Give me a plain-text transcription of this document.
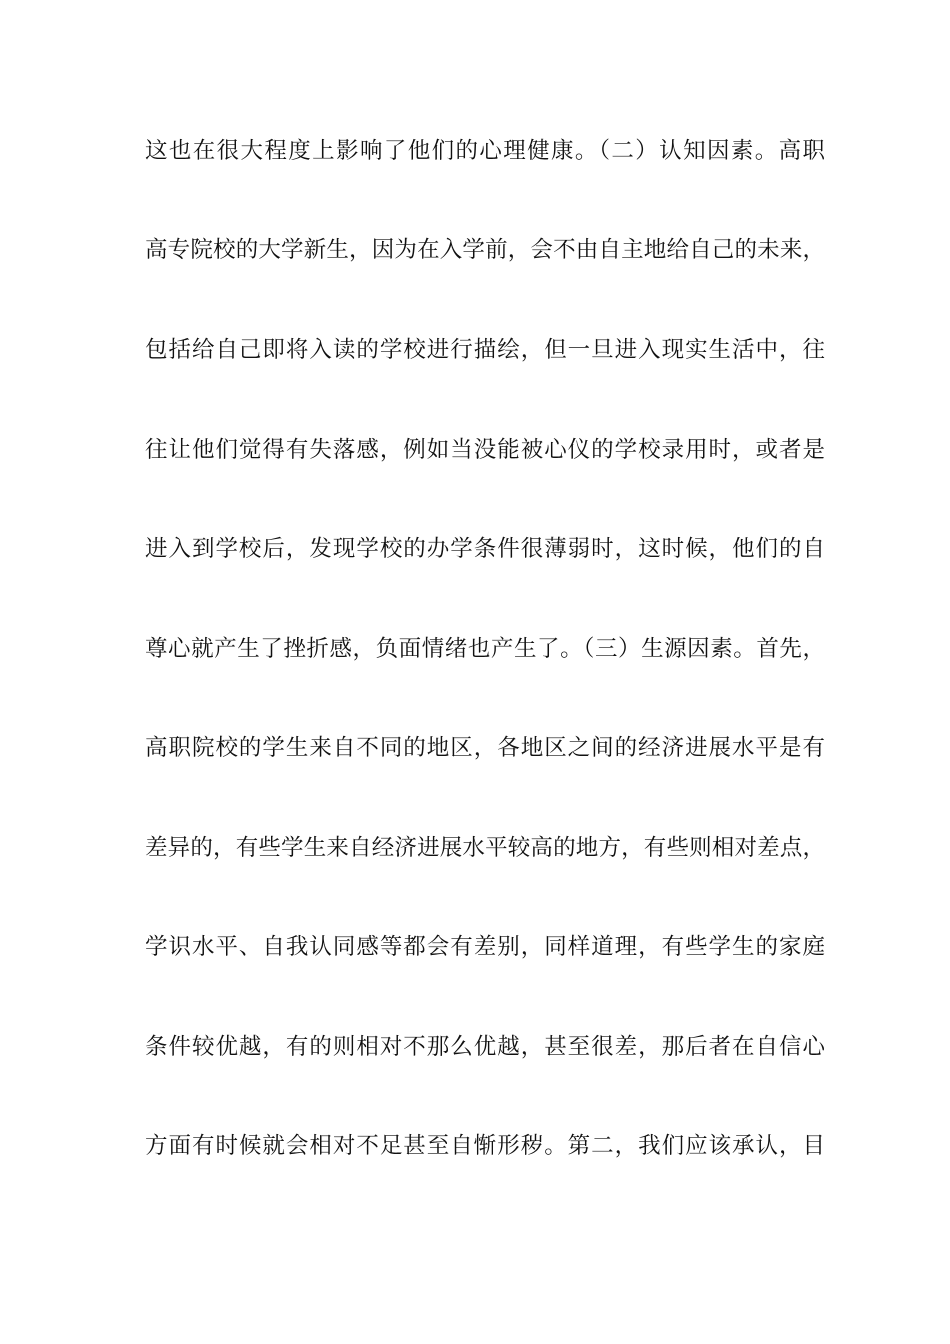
这也在很大程度上影响了他们的心理健康。（二）认知因素。高职

高专院校的大学新生，因为在入学前，会不由自主地给自己的未来，

包括给自己即将入读的学校进行描绘，但一旦进入现实生活中，往

往让他们觉得有失落感，例如当没能被心仪的学校录用时，或者是

进入到学校后，发现学校的办学条件很薄弱时，这时候，他们的自

尊心就产生了挫折感，负面情绪也产生了。（三）生源因素。首先，

高职院校的学生来自不同的地区，各地区之间的经济进展水平是有

差异的，有些学生来自经济进展水平较高的地方，有些则相对差点，

学识水平、自我认同感等都会有差别，同样道理，有些学生的家庭

条件较优越，有的则相对不那么优越，甚至很差，那后者在自信心

方面有时候就会相对不足甚至自惭形秽。第二，我们应该承认，目
